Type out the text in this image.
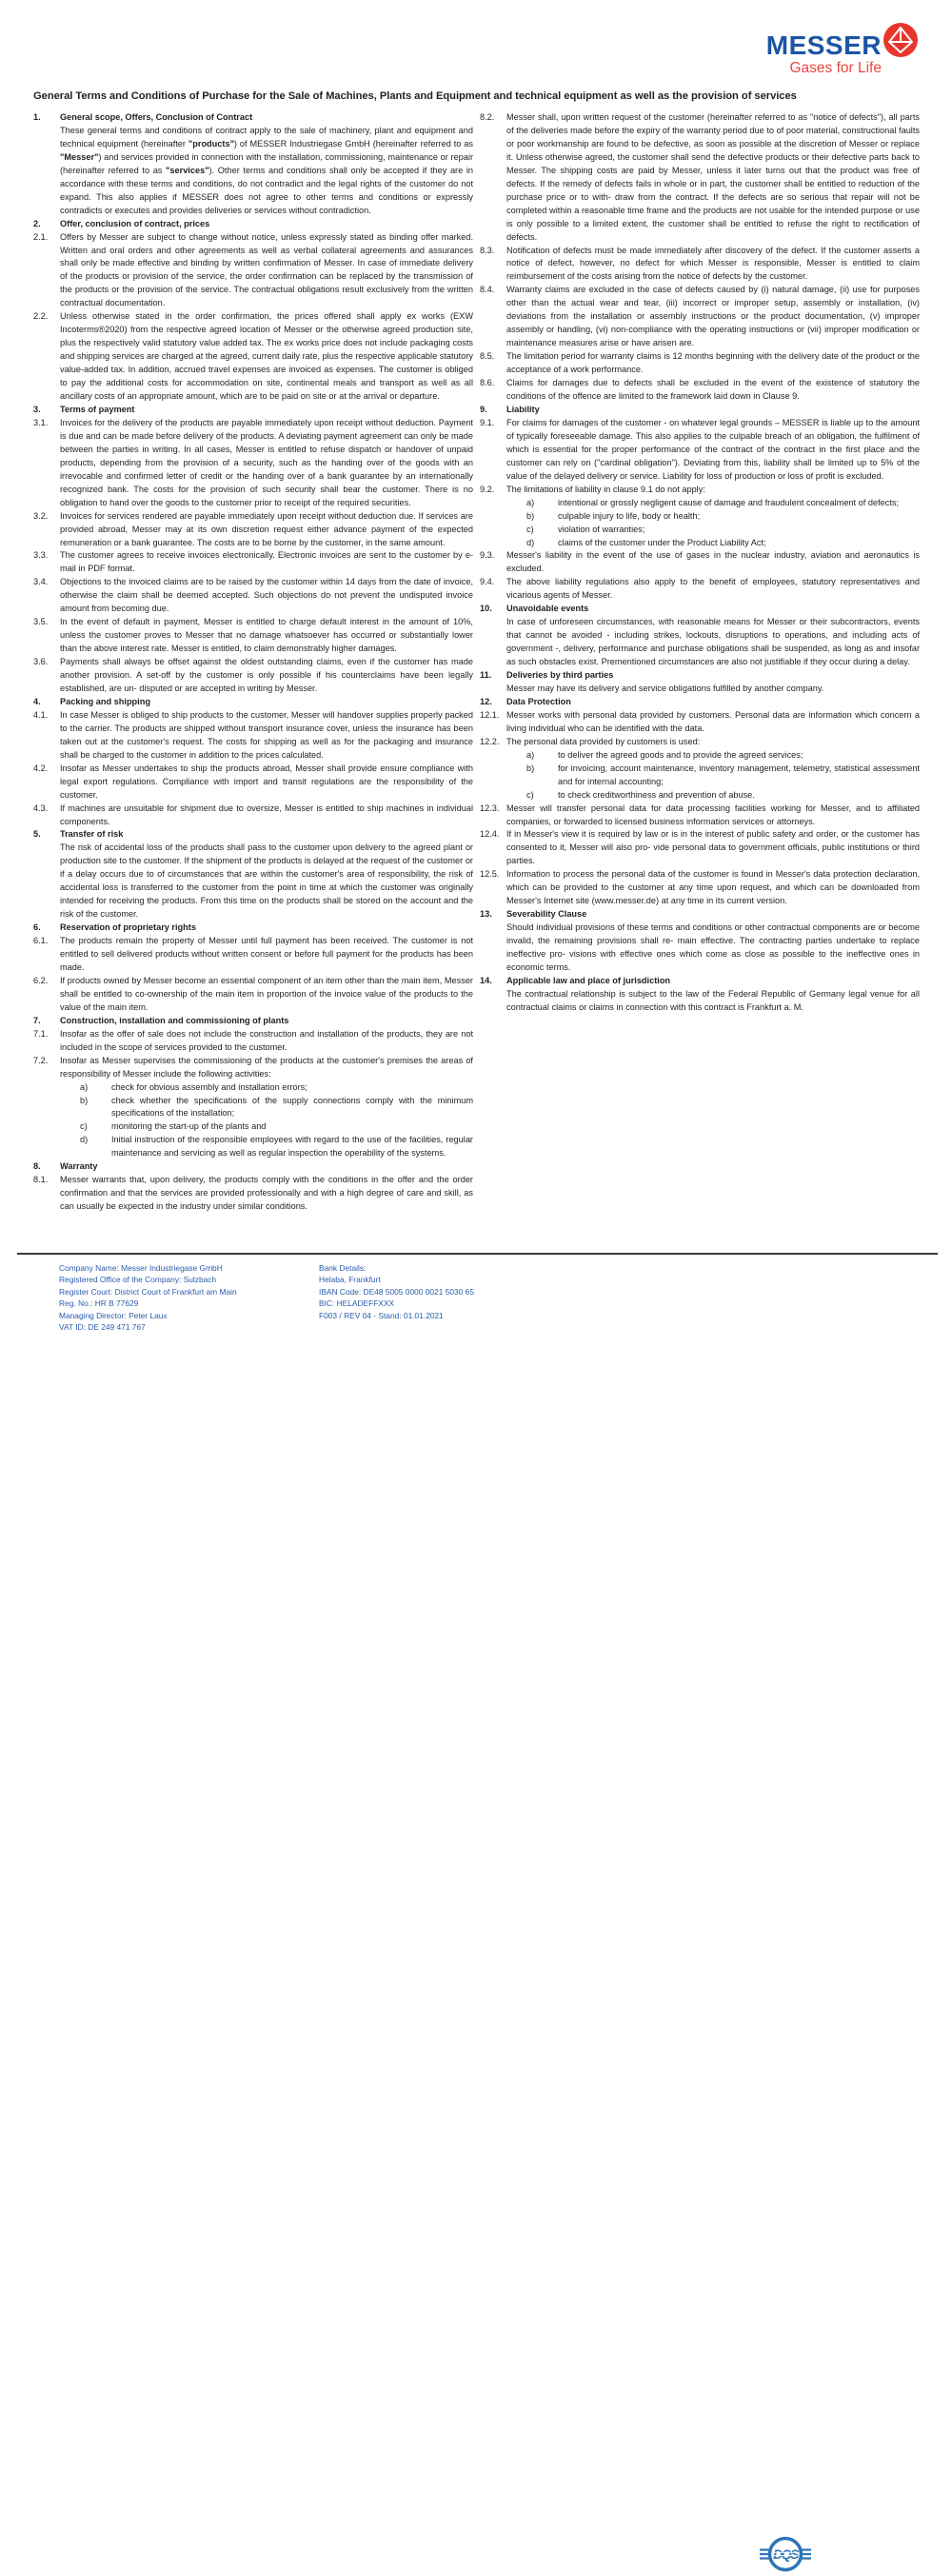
MESSER
Gases for Life
General Terms and Conditions of Purchase for the Sale of Machines, Plants and Equipment and technical equipment as well as the provision of services
1.	General scope, Offers, Conclusion of Contract
These general terms and conditions of contract apply to the sale of machinery, plant and equipment and technical equipment (hereinafter "products") of MESSER Industriegase GmbH (hereinafter referred to as "Messer") and services provided in connection with the installation, commissioning, maintenance or repair (hereinafter referred to as "services"). Other terms and conditions shall only be accepted if they are in accordance with these terms and conditions, do not contradict and the legal rights of the customer do not expand. This also applies if MESSER does not agree to other terms and conditions or expressly contradicts or executes and provides deliveries or services without contradiction.
2.	Offer, conclusion of contract, prices
2.1.	Offers by Messer are subject to change without notice, unless expressly stated as binding offer marked. Written and oral orders and other agreements as well as verbal collateral agreements and assurances shall only be made effective and binding by written confirmation of Messer. In case of immediate delivery of the products or provision of the service, the order confirmation can be replaced by the transmission of the products or the provision of the service. The contractual obligations result exclusively from the written contractual documentation.
2.2.	Unless otherwise stated in the order confirmation, the prices offered shall apply ex works (EXW Incoterms®2020) from the respective agreed location of Messer or the otherwise agreed production site, plus the respectively valid statutory value added tax. The ex works price does not include packaging costs and shipping services are charged at the agreed, current daily rate, plus the respective applicable statutory value-added tax. In addition, accrued travel expenses are invoiced as expenses. The customer is obliged to pay the additional costs for accommodation on site, continental meals and transport as well as all ancillary costs of an appropriate amount, which are to be paid on site or at the arrival or departure.
3.	Terms of payment
3.1.	Invoices for the delivery of the products are payable immediately upon receipt without deduction. Payment is due and can be made before delivery of the products. A deviating payment agreement can only be made between the parties in writing. In all cases, Messer is entitled to refuse dispatch or handover of unpaid products, depending from the provision of a security, such as the handing over of the goods with an irrevocable and confirmed letter of credit or the handing over of a bank guarantee by an internationally recognized bank. The costs for the provision of such security shall bear the customer. There is no obligation to hand over the goods to the customer prior to receipt of the required securities.
3.2.	Invoices for services rendered are payable immediately upon receipt without deduction due. If services are provided abroad, Messer may at its own discretion request either advance payment of the expected remuneration or a bank guarantee. The costs are to be borne by the customer, in the same amount.
3.3.	The customer agrees to receive invoices electronically. Electronic invoices are sent to the customer by e-mail in PDF format.
3.4.	Objections to the invoiced claims are to be raised by the customer within 14 days from the date of invoice, otherwise the claim shall be deemed accepted. Such objections do not prevent the undisputed invoice amount from becoming due.
3.5.	In the event of default in payment, Messer is entitled to charge default interest in the amount of 10%, unless the customer proves to Messer that no damage whatsoever has occurred or substantially lower than the above interest rate. Messer is entitled, to claim demonstrably higher damages.
3.6.	Payments shall always be offset against the oldest outstanding claims, even if the customer has made another provision. A set-off by the customer is only possible if his counterclaims have been legally established, are un- disputed or are accepted in writing by Messer.
4.	Packing and shipping
4.1.	In case Messer is obliged to ship products to the customer, Messer will handover supplies properly packed to the carrier. The products are shipped without transport insurance cover, unless the insurance has been taken out at the customer's request. The costs for shipping as well as for the packaging and insurance shall be charged to the customer in addition to the prices calculated.
4.2.	Insofar as Messer undertakes to ship the products abroad, Messer shall provide ensure compliance with legal export regulations. Compliance with import and transit regulations are the responsibility of the customer.
4.3.	If machines are unsuitable for shipment due to oversize, Messer is entitled to ship machines in individual components.
5.	Transfer of risk
The risk of accidental loss of the products shall pass to the customer upon delivery to the agreed plant or production site to the customer. If the shipment of the products is delayed at the request of the customer or if a delay occurs due to of circumstances that are within the customer's area of responsibility, the risk of accidental loss is transferred to the customer from the point in time at which the customer was originally intended for receiving the products. From this time on the products shall be stored on the account and the risk of the customer.
6.	Reservation of proprietary rights
6.1.	The products remain the property of Messer until full payment has been received. The customer is not entitled to sell delivered products without written consent or before full payment for the products has been made.
6.2.	If products owned by Messer become an essential component of an item other than the main item, Messer shall be entitled to co-ownership of the main item in proportion of the invoice value of the products to the value of the main item.
7.	Construction, installation and commissioning of plants
7.1.	Insofar as the offer of sale does not include the construction and installation of the products, they are not included in the scope of services provided to the customer.
7.2.	Insofar as Messer supervises the commissioning of the products at the customer's premises the areas of responsibility of Messer include the following activities:
a)	check for obvious assembly and installation errors;
b)	check whether the specifications of the supply connections comply with the minimum specifications of the installation;
c)	monitoring the start-up of the plants and
d)	Initial instruction of the responsible employees with regard to the use of the facilities, regular maintenance and servicing as well as regular inspection the operability of the systems.
8.	Warranty
8.1.	Messer warrants that, upon delivery, the products comply with the conditions in the offer and the order confirmation and that the services are provided professionally and with a high degree of care and skill, as can usually be expected in the industry under similar conditions.
8.2.	Messer shall, upon written request of the customer (hereinafter referred to as "notice of defects"), all parts of the deliveries made before the expiry of the warranty period due to of poor material, constructional faults or poor workmanship are found to be defective, as soon as possible at the discretion of Messer or replace it. Unless otherwise agreed, the customer shall send the defective products or their defective parts back to Messer. The shipping costs are paid by Messer, unless it later turns out that the product was free of defects. If the remedy of defects fails in whole or in part, the customer shall be entitled to reduction of the purchase price or to with- draw from the contract. If the defects are so serious that repair will not be completed within a reasonable time frame and the products are not usable for the intended purpose or use is only possible to a limited extent, the customer shall be entitled to refuse the right to rectification of defects.
8.3.	Notification of defects must be made immediately after discovery of the defect. If the customer asserts a notice of defect, however, no defect for which Messer is responsible, Messer is entitled to claim reimbursement of the costs arising from the notice of defects by the customer.
8.4.	Warranty claims are excluded in the case of defects caused by (i) natural damage, (ii) use for purposes other than the actual wear and tear, (iii) incorrect or improper setup, assembly or installation, (iv) deviations from the installation or assembly instructions or the product documentation, (v) improper assembly or handling, (vi) non-compliance with the operating instructions or (vii) improper modification or maintenance measures arise or have arisen are.
8.5.	The limitation period for warranty claims is 12 months beginning with the delivery date of the product or the acceptance of a work performance.
8.6.	Claims for damages due to defects shall be excluded in the event of the existence of statutory the conditions of the offence are limited to the framework laid down in Clause 9.
9.	Liability
9.1.	For claims for damages of the customer - on whatever legal grounds – MESSER is liable up to the amount of typically foreseeable damage. This also applies to the culpable breach of an obligation, the fulfilment of which is essential for the proper performance of the contract of the contract in the first place and the customer can rely on ("cardinal obligation"). Deviating from this, liability shall be limited up to 5% of the value of the delayed delivery or service. Liability for loss of production or loss of profit is excluded.
9.2.	The limitations of liability in clause 9.1 do not apply:
a)	intentional or grossly negligent cause of damage and fraudulent concealment of defects;
b)	culpable injury to life, body or health;
c)	violation of warranties;
d)	claims of the customer under the Product Liability Act;
9.3.	Messer's liability in the event of the use of gases in the nuclear industry, aviation and aeronautics is excluded.
9.4.	The above liability regulations also apply to the benefit of employees, statutory representatives and vicarious agents of Messer.
10.	Unavoidable events
In case of unforeseen circumstances, with reasonable means for Messer or their subcontractors, events that cannot be avoided - including strikes, lockouts, disruptions to operations, and including acts of government -, delivery, performance and purchase obligations shall be suspended, as long as and insofar as such obstacles exist. Prementioned circumstances are also not justifiable if they occur during a delay.
11.	Deliveries by third parties
Messer may have its delivery and service obligations fulfilled by another company.
12.	Data Protection
12.1. Messer works with personal data provided by customers. Personal data are information which concern a living individual who can be identified with the data.
12.2. The personal data provided by customers is used:
a)	to deliver the agreed goods and to provide the agreed services;
b)	for invoicing, account maintenance, inventory management, telemetry, statistical assessment and for internal accounting;
c)	to check creditworthiness and prevention of abuse.
12.3. Messer will transfer personal data for data processing facilities working for Messer, and to affiliated companies, or forwarded to licensed business information services or attorneys.
12.4. If in Messer's view it is required by law or is in the interest of public safety and order, or the customer has consented to it, Messer will also pro- vide personal data to government officials, public institutions or third parties.
12.5. Information to process the personal data of the customer is found in Messer's data protection declaration, which can be provided to the customer at any time upon request, and which can be downloaded from Messer's Internet site (www.messer.de) at any time in its current version.
13.	Severability Clause
Should individual provisions of these terms and conditions or other contractual components are or become invalid, the remaining provisions shall re- main effective. The contracting parties undertake to replace ineffective pro- visions with effective ones which come as close as possible to the ineffective ones in economic terms.
14.	Applicable law and place of jurisdiction
The contractual relationship is subject to the law of the Federal Republic of Germany legal venue for all contractual claims or claims in connection with this contract is Frankfurt a. M.
Company Name: Messer Industriegase GmbH
Registered Office of the Company: Sulzbach
Register Court: District Court of Frankfurt am Main
Reg. No.: HR B 77629
Managing Director: Peter Laux
VAT ID: DE 249 471 767
Bank Details:
Helaba, Frankfurt
IBAN Code: DE48 5005 0000 0021 5030 65
BIC: HELADEFFXXX
F003 / REV 04 - Stand: 01.01.2021
DQS
